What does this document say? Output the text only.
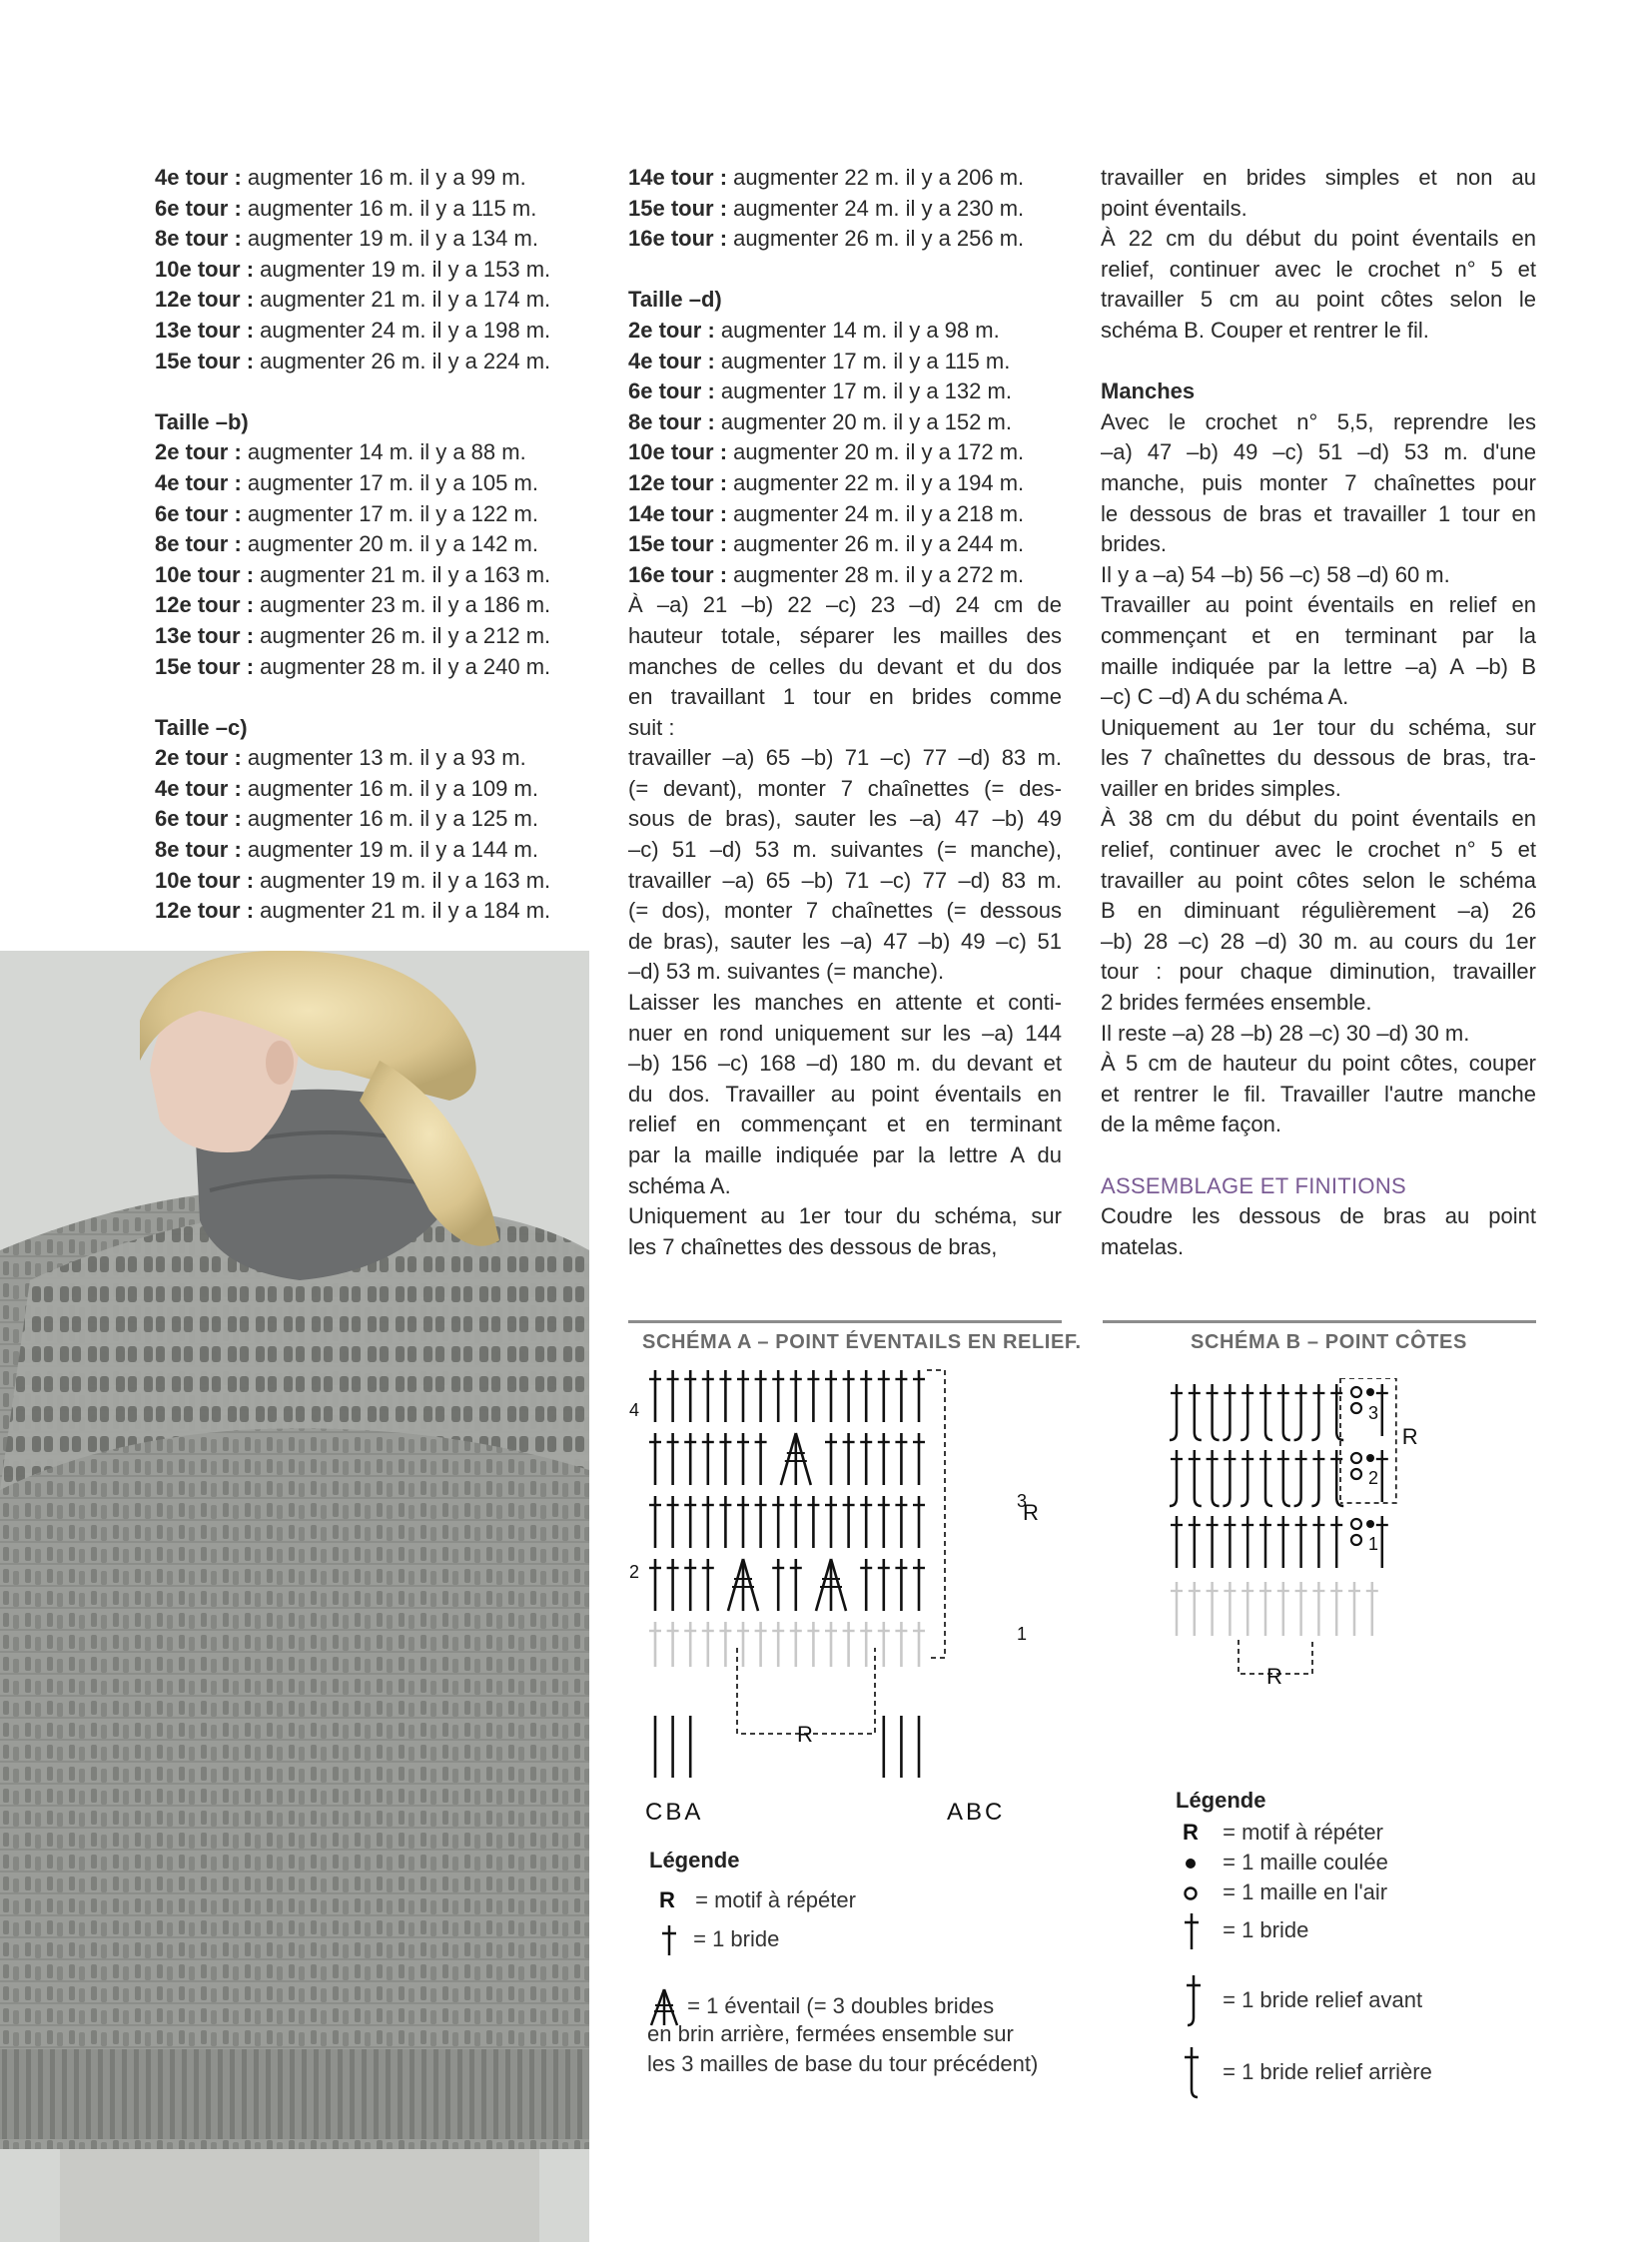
4e tour : augmenter 16 m. il y a 99 m.

6e tour : augmenter 16 m. il y a 115 m.

8e tour : augmenter 19 m. il y a 134 m.

10e tour : augmenter 19 m. il y a 153 m.

12e tour : augmenter 21 m. il y a 174 m.

13e tour : augmenter 24 m. il y a 198 m.

15e tour : augmenter 26 m. il y a 224 m.

Taille –b)

2e tour : augmenter 14 m. il y a 88 m.

4e tour : augmenter 17 m. il y a 105 m.

6e tour : augmenter 17 m. il y a 122 m.

8e tour : augmenter 20 m. il y a 142 m.

10e tour : augmenter 21 m. il y a 163 m.

12e tour : augmenter 23 m. il y a 186 m.

13e tour : augmenter 26 m. il y a 212 m.

15e tour : augmenter 28 m. il y a 240 m.

Taille –c)

2e tour : augmenter 13 m. il y a 93 m.

4e tour : augmenter 16 m. il y a 109 m.

6e tour : augmenter 16 m. il y a 125 m.

8e tour : augmenter 19 m. il y a 144 m.

10e tour : augmenter 19 m. il y a 163 m.

12e tour : augmenter 21 m. il y a 184 m.

14e tour : augmenter 22 m. il y a 206 m.

15e tour : augmenter 24 m. il y a 230 m.

16e tour : augmenter 26 m. il y a 256 m.

Taille –d)

2e tour : augmenter 14 m. il y a 98 m.

4e tour : augmenter 17 m. il y a 115 m.

6e tour : augmenter 17 m. il y a 132 m.

8e tour : augmenter 20 m. il y a 152 m.

10e tour : augmenter 20 m. il y a 172 m.

12e tour : augmenter 22 m. il y a 194 m.

14e tour : augmenter 24 m. il y a 218 m.

15e tour : augmenter 26 m. il y a 244 m.

16e tour : augmenter 28 m. il y a 272 m.

À –a) 21 –b) 22 –c) 23 –d) 24 cm de

hauteur totale, séparer les mailles des

manches de celles du devant et du dos

en travaillant 1 tour en brides comme

suit :

travailler –a) 65 –b) 71 –c) 77 –d) 83 m.

(= devant), monter 7 chaînettes (= des-

sous de bras), sauter les –a) 47 –b) 49

–c) 51 –d) 53 m. suivantes (= manche),

travailler –a) 65 –b) 71 –c) 77 –d) 83 m.

(= dos), monter 7 chaînettes (= dessous

de bras), sauter les –a) 47 –b) 49 –c) 51

–d) 53 m. suivantes (= manche).

Laisser les manches en attente et conti-

nuer en rond uniquement sur les –a) 144

–b) 156 –c) 168 –d) 180 m. du devant et

du dos. Travailler au point éventails en

relief en commençant et en terminant

par la maille indiquée par la lettre A du

schéma A.

Uniquement au 1er tour du schéma, sur

les 7 chaînettes des dessous de bras,

travailler en brides simples et non au

point éventails.

À 22 cm du début du point éventails en

relief, continuer avec le crochet n° 5 et

travailler 5 cm au point côtes selon le

schéma B. Couper et rentrer le fil.

Manches

Avec le crochet n° 5,5, reprendre les

–a) 47 –b) 49 –c) 51 –d) 53 m. d'une

manche, puis monter 7 chaînettes pour

le dessous de bras et travailler 1 tour en

brides.

Il y a –a) 54 –b) 56 –c) 58 –d) 60 m.

Travailler au point éventails en relief en

commençant et en terminant par la

maille indiquée par la lettre –a) A –b) B

–c) C –d) A du schéma A.

Uniquement au 1er tour du schéma, sur

les 7 chaînettes du dessous de bras, tra-

vailler en brides simples.

À 38 cm du début du point éventails en

relief, continuer avec le crochet n° 5 et

travailler au point côtes selon le schéma

B en diminuant régulièrement –a) 26

–b) 28 –c) 28 –d) 30 m. au cours du 1er

tour : pour chaque diminution, travailler

2 brides fermées ensemble.

Il reste –a) 28 –b) 28 –c) 30 –d) 30 m.

À 5 cm de hauteur du point côtes, couper

et rentrer le fil. Travailler l'autre manche

de la même façon.

ASSEMBLAGE ET FINITIONS

Coudre les dessous de bras au point

matelas.

SCHÉMA A – POINT ÉVENTAILS EN RELIEF.
4
3
2
1
R
R
CBA	ABC
Légende
R = motif à répéter
= 1 bride
= 1 éventail (= 3 doubles brides
en brin arrière, fermées ensemble sur
les 3 mailles de base du tour précédent)
SCHÉMA B – POINT CÔTES
3
2
1
R
R
Légende
R = motif à répéter
= 1 maille coulée
= 1 maille en l'air
= 1 bride
= 1 bride relief avant
= 1 bride relief arrière
